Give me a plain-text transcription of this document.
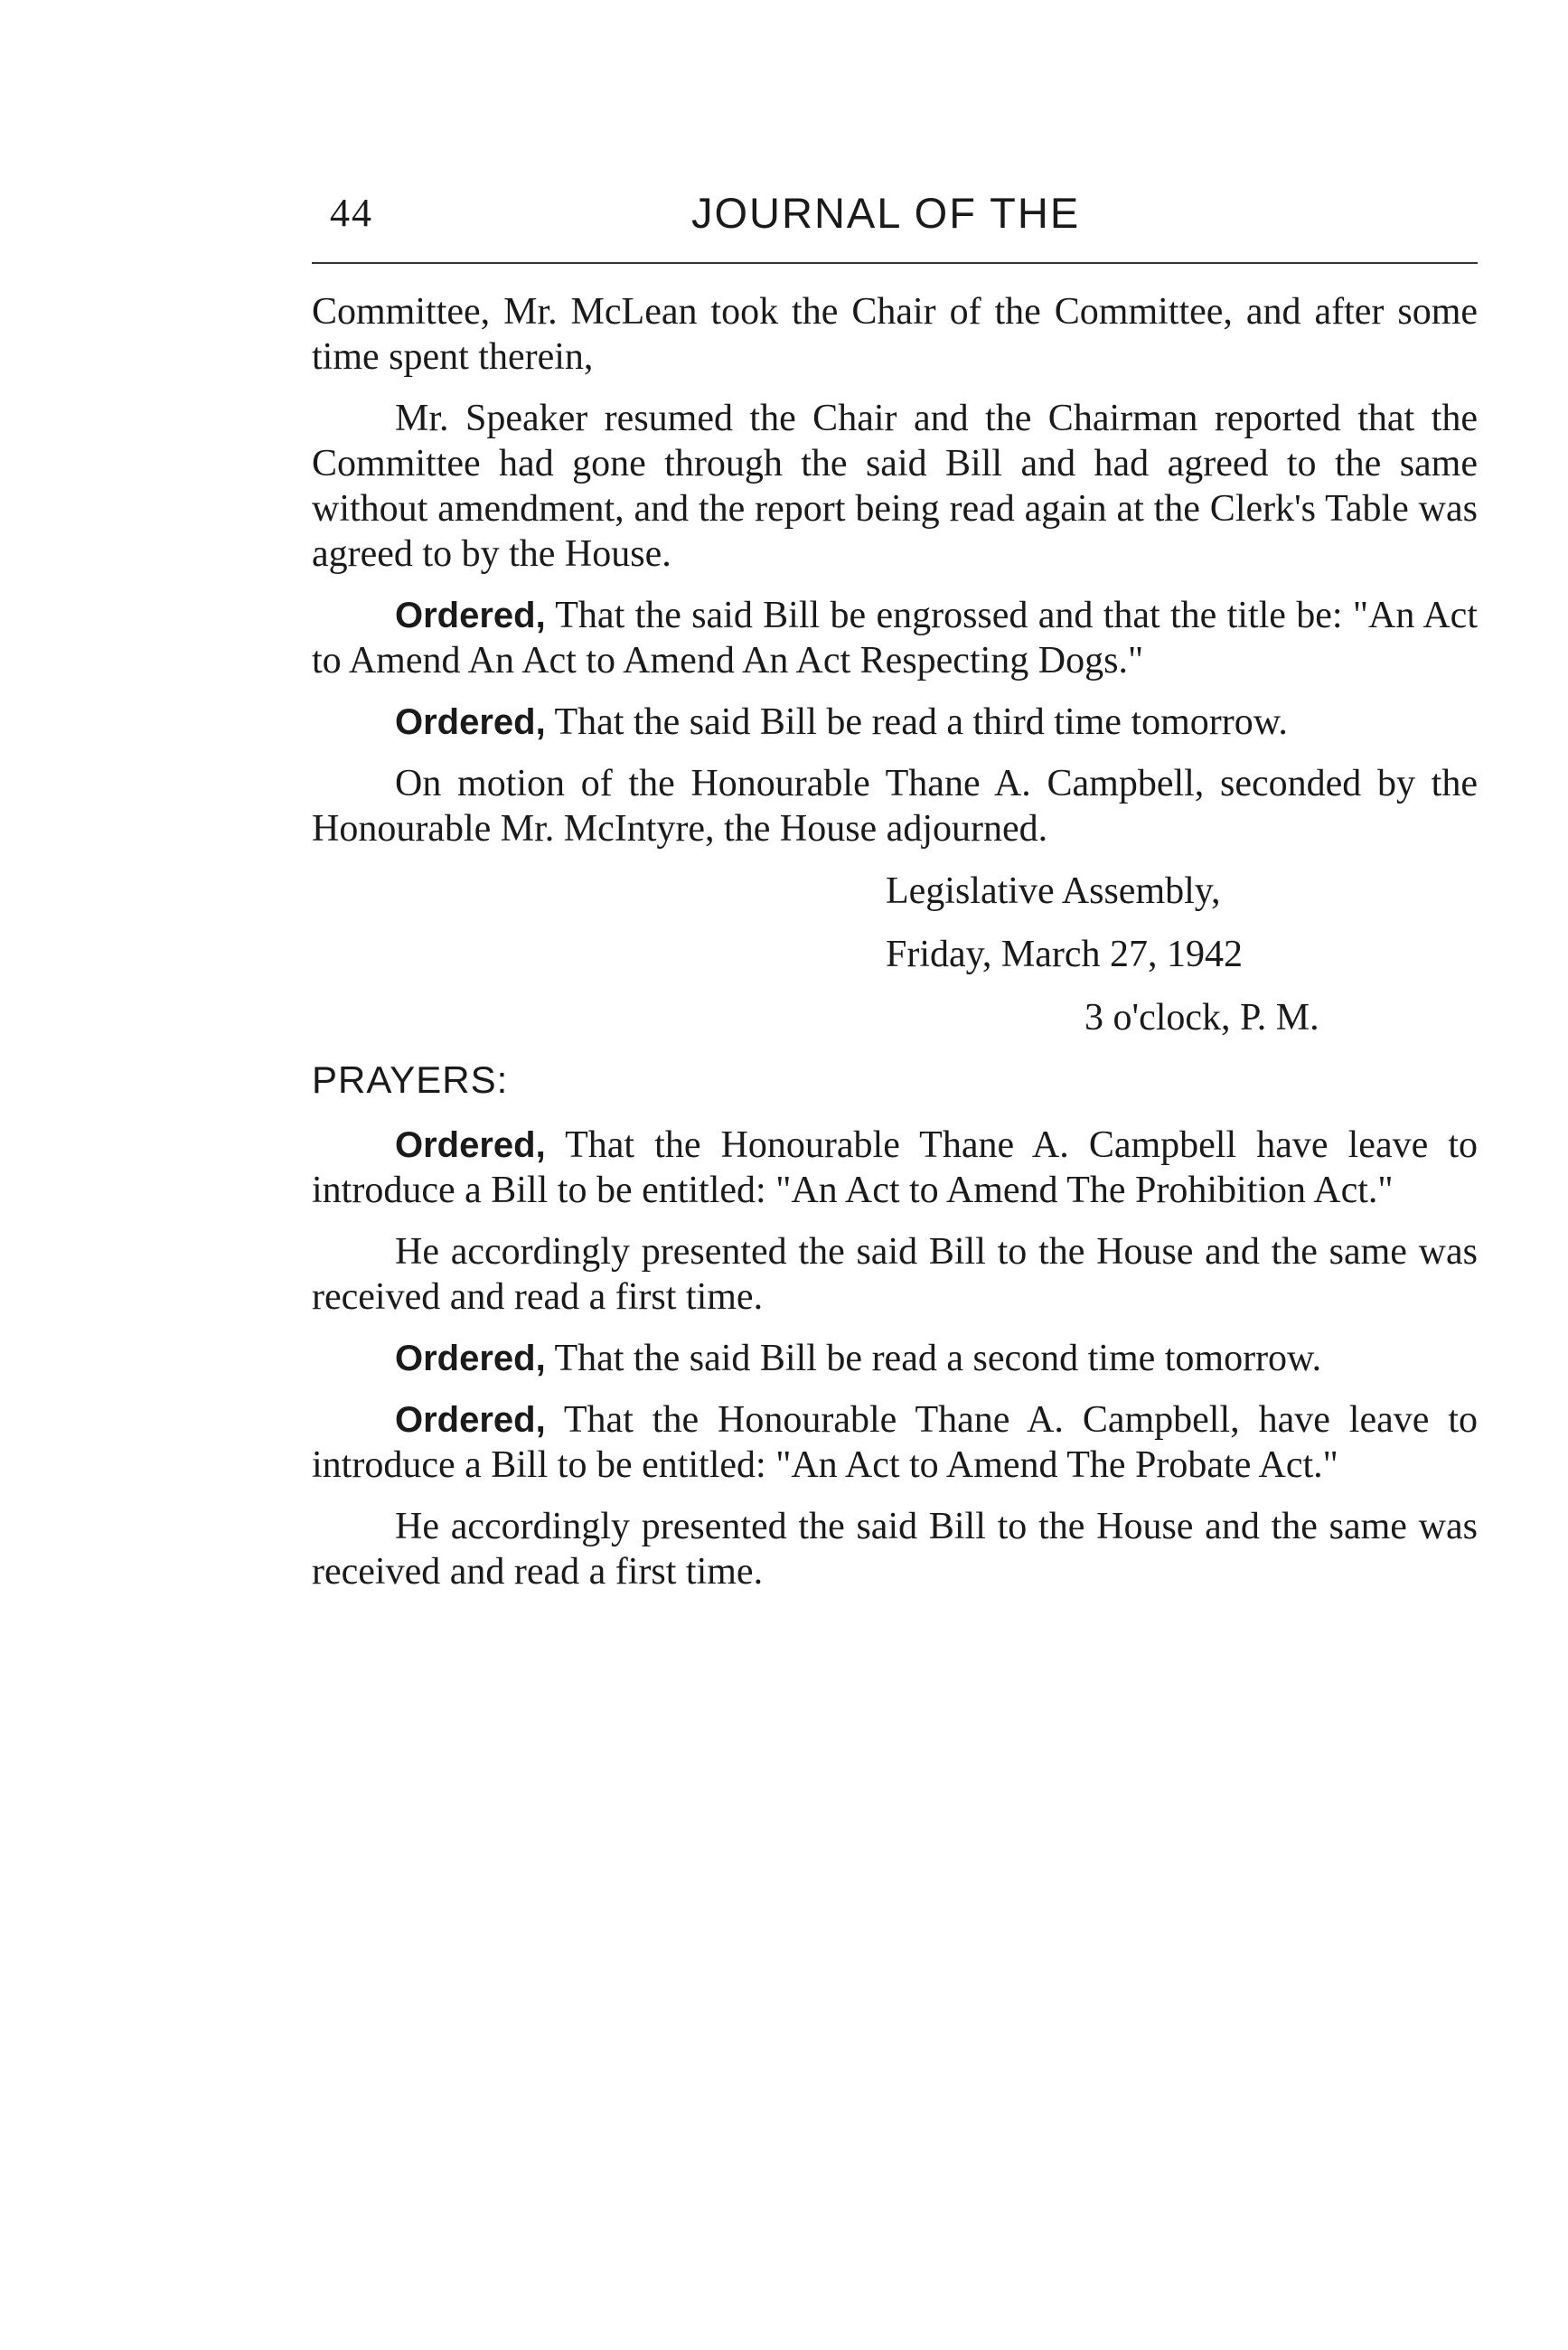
44	JOURNAL OF THE

Committee, Mr. McLean took the Chair of the Committee, and after some time spent therein,

Mr. Speaker resumed the Chair and the Chairman reported that the Committee had gone through the said Bill and had agreed to the same without amendment, and the report being read again at the Clerk's Table was agreed to by the House.

Ordered, That the said Bill be engrossed and that the title be: "An Act to Amend An Act to Amend An Act Respecting Dogs."

Ordered, That the said Bill be read a third time tomorrow.

On motion of the Honourable Thane A. Campbell, seconded by the Honourable Mr. McIntyre, the House adjourned.

Legislative Assembly,
Friday, March 27, 1942
3 o'clock, P. M.
PRAYERS:

Ordered, That the Honourable Thane A. Campbell have leave to introduce a Bill to be entitled: "An Act to Amend The Prohibition Act."

He accordingly presented the said Bill to the House and the same was received and read a first time.

Ordered, That the said Bill be read a second time tomorrow.

Ordered, That the Honourable Thane A. Campbell, have leave to introduce a Bill to be entitled: "An Act to Amend The Probate Act."

He accordingly presented the said Bill to the House and the same was received and read a first time.
